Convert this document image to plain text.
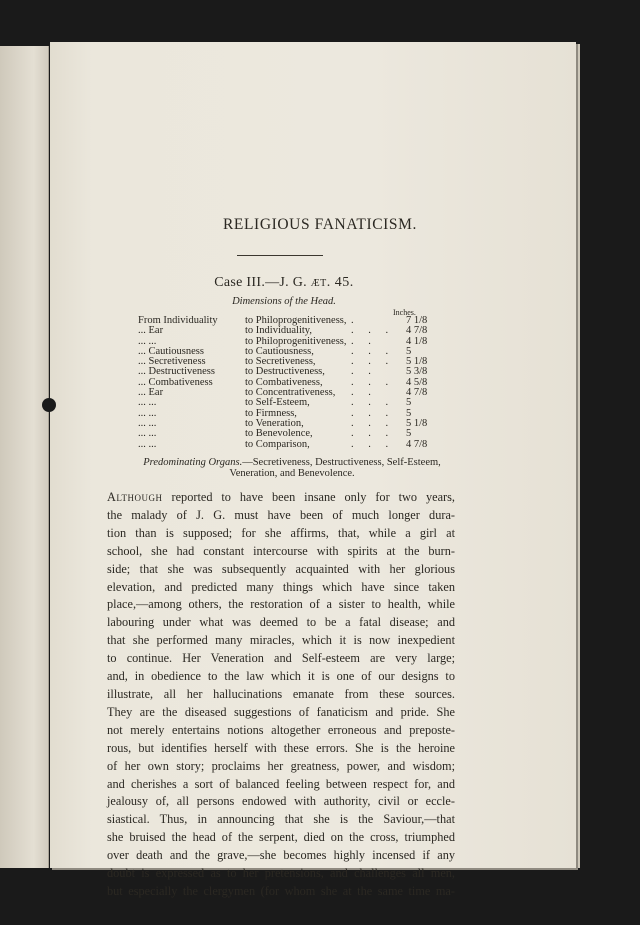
RELIGIOUS FANATICISM.
Case III.—J. G. ӕt. 45.
Dimensions of the Head.
Inches.
From Individuality	to Philoprogenitiveness, .	7 1/8
... Ear	to Individuality,	. . . 4 7/8
... ...	to Philoprogenitiveness, . .	4 1/8
... Cautiousness	to Cautiousness,	. . . 5
... Secretiveness	to Secretiveness,	. . . 5 1/8
... Destructiveness	to Destructiveness, . .	5 3/8
... Combativeness	to Combativeness,	. . . 4 5/8
... Ear	to Concentrativeness, . .	4 7/8
... ...	to Self-Esteem,	. . . 5
... ...	to Firmness,	. . . 5
... ...	to Veneration,	. . . 5 1/8
... ...	to Benevolence,	. . . 5
... ...	to Comparison,	. . . 4 7/8
Predominating Organs.—Secretiveness, Destructiveness, Self-Esteem,
Veneration, and Benevolence.
Although reported to have been insane only for two years,
the malady of J. G. must have been of much longer dura-
tion than is supposed; for she affirms, that, while a girl at
school, she had constant intercourse with spirits at the burn-
side; that she was subsequently acquainted with her glorious
elevation, and predicted many things which have since taken
place,—among others, the restoration of a sister to health, while
labouring under what was deemed to be a fatal disease; and
that she performed many miracles, which it is now inexpedient
to continue. Her Veneration and Self-esteem are very large;
and, in obedience to the law which it is one of our designs to
illustrate, all her hallucinations emanate from these sources.
They are the diseased suggestions of fanaticism and pride. She
not merely entertains notions altogether erroneous and prepostе-
rous, but identifies herself with these errors. She is the heroine
of her own story; proclaims her greatness, power, and wisdom;
and cherishes a sort of balanced feeling between respect for, and
jealousy of, all persons endowed with authority, civil or eccle-
siastical. Thus, in announcing that she is the Saviour,—that
she bruised the head of the serpent, died on the cross, triumphed
over death and the grave,—she becomes highly incensed if any
doubt is expressed as to her pretensions, and challenges all men,
but especially the clergymen (for whom she at the same time ma-
